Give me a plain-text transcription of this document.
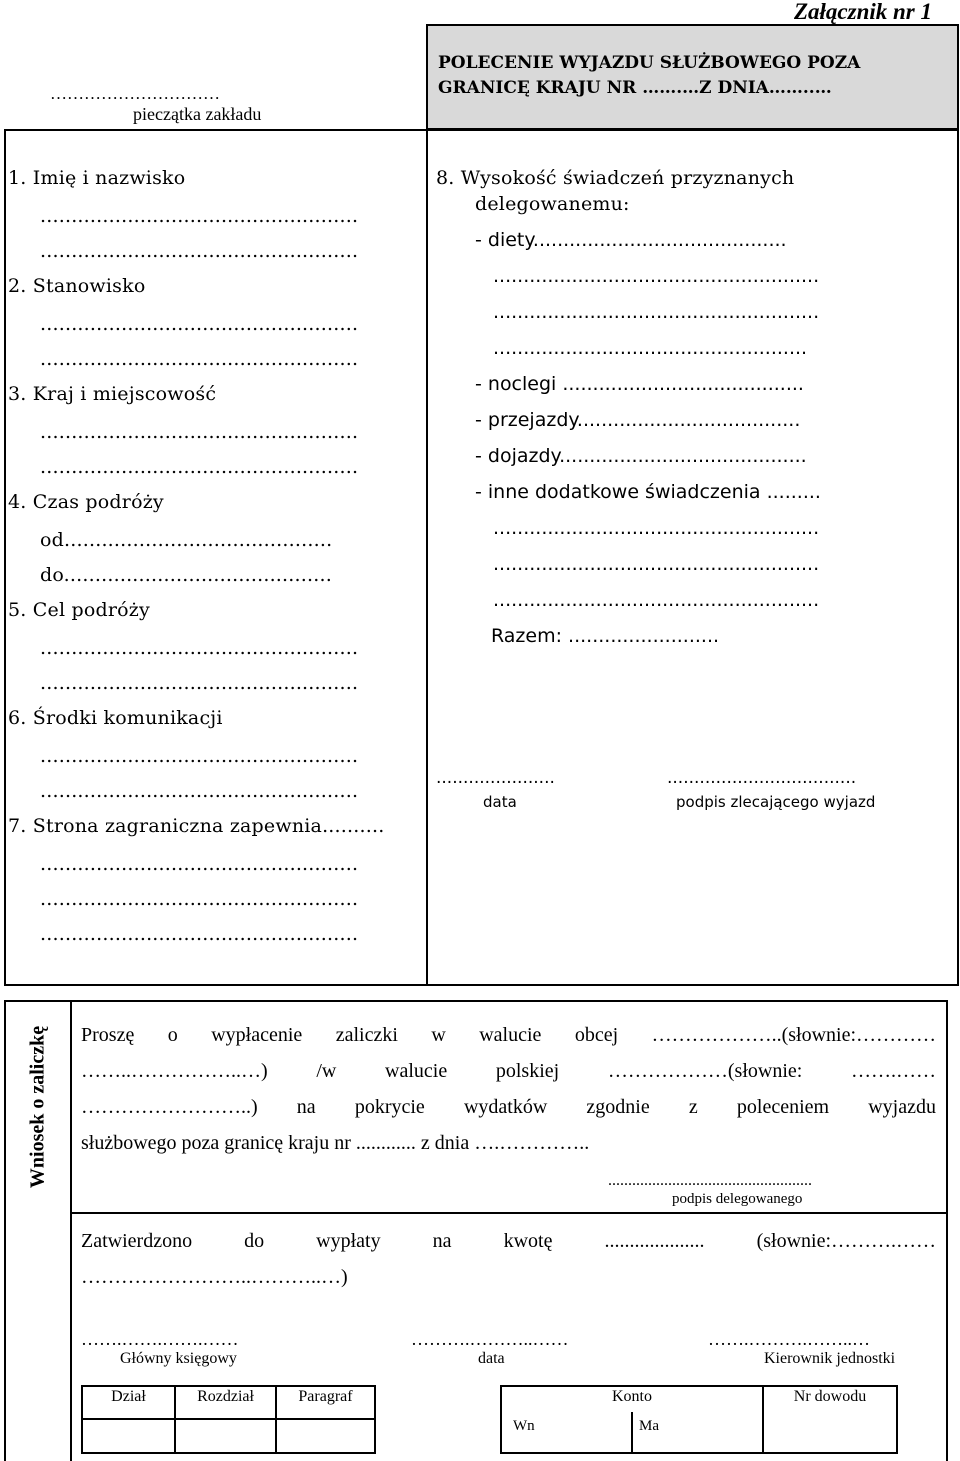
Załącznik nr 1
…………………………
pieczątka zakładu
POLECENIE WYJAZDU SŁUŻBOWEGO POZA
GRANICĘ KRAJU NR …….…Z DNIA……..…
1. Imię i nazwisko
...................................................
...................................................
2. Stanowisko
...................................................
...................................................
3. Kraj i miejscowość
...................................................
...................................................
4. Czas podróży
od...........................................
do...........................................
5. Cel podróży
...................................................
...................................................
6. Środki komunikacji
...................................................
...................................................
7. Strona zagraniczna zapewnia..........
...................................................
...................................................
...................................................
8. Wysokość świadczeń przyznanych
delegowanemu:
- diety..........................................
......................................................
......................................................
....................................................
- noclegi ........................................
- przejazdy.....................................
- dojazdy.........................................
- inne dodatkowe świadczenia .........
......................................................
......................................................
......................................................
Razem: .........................
......................
data
...................................
podpis zlecającego wyjazd
Wniosek o zaliczkę Proszę o wypłacenie zaliczki w walucie obcej ………………..(słownie:…………
……..……………..…) /w walucie polskiej ………………(słownie: …….……
……………………..) na pokrycie wydatków zgodnie z poleceniem wyjazdu
służbowego poza granicę kraju nr ............ z dnia ….…………..
...................................................
podpis delegowanego
Zatwierdzono do wypłaty na kwotę .................... (słownie:……….……
……………………..………..…)
…….…….…….……	……….………..……	…….……….……..…
Główny księgowy	data	Kierownik jednostki
Dział	Rozdział	Paragraf	Konto	Nr dowodu
Wn	Ma
